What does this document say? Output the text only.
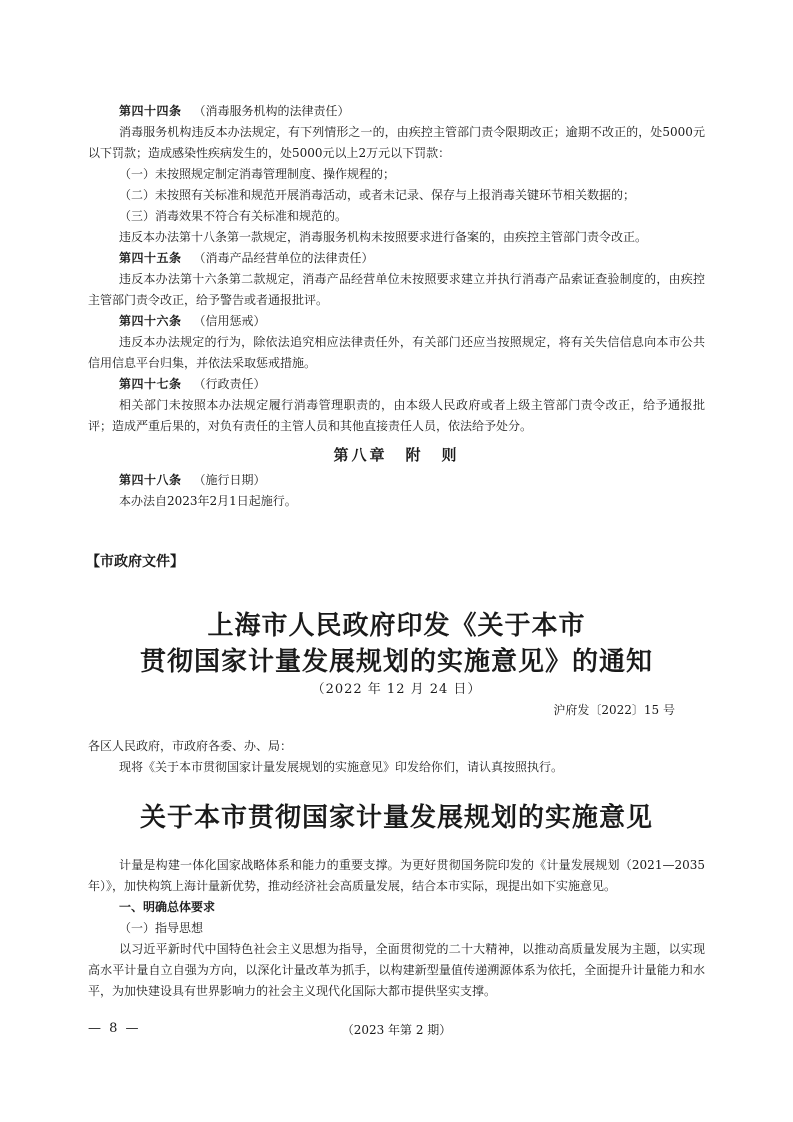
第四十四条 （消毒服务机构的法律责任）

消毒服务机构违反本办法规定，有下列情形之一的，由疾控主管部门责令限期改正；逾期不改正的，处5000元以下罚款；造成感染性疾病发生的，处5000元以上2万元以下罚款：

（一）未按照规定制定消毒管理制度、操作规程的；

（二）未按照有关标准和规范开展消毒活动，或者未记录、保存与上报消毒关键环节相关数据的；

（三）消毒效果不符合有关标准和规范的。

违反本办法第十八条第一款规定，消毒服务机构未按照要求进行备案的，由疾控主管部门责令改正。

第四十五条 （消毒产品经营单位的法律责任）

违反本办法第十六条第二款规定，消毒产品经营单位未按照要求建立并执行消毒产品索证查验制度的，由疾控主管部门责令改正，给予警告或者通报批评。

第四十六条 （信用惩戒）

违反本办法规定的行为，除依法追究相应法律责任外，有关部门还应当按照规定，将有关失信信息向本市公共信用信息平台归集，并依法采取惩戒措施。

第四十七条 （行政责任）

相关部门未按照本办法规定履行消毒管理职责的，由本级人民政府或者上级主管部门责令改正，给予通报批评；造成严重后果的，对负有责任的主管人员和其他直接责任人员，依法给予处分。

第八章　附　则

第四十八条 （施行日期）

本办法自2023年2月1日起施行。

【市政府文件】

上海市人民政府印发《关于本市

贯彻国家计量发展规划的实施意见》的通知

（2022 年 12 月 24 日）

沪府发〔2022〕15 号

各区人民政府，市政府各委、办、局：

现将《关于本市贯彻国家计量发展规划的实施意见》印发给你们，请认真按照执行。

关于本市贯彻国家计量发展规划的实施意见

计量是构建一体化国家战略体系和能力的重要支撑。为更好贯彻国务院印发的《计量发展规划（2021—2035年）》，加快构筑上海计量新优势，推动经济社会高质量发展，结合本市实际，现提出如下实施意见。

一、明确总体要求

（一）指导思想

以习近平新时代中国特色社会主义思想为指导，全面贯彻党的二十大精神，以推动高质量发展为主题，以实现高水平计量自立自强为方向，以深化计量改革为抓手，以构建新型量值传递溯源体系为依托，全面提升计量能力和水平，为加快建设具有世界影响力的社会主义现代化国际大都市提供坚实支撑。

— 8 —	（2023 年第 2 期）
